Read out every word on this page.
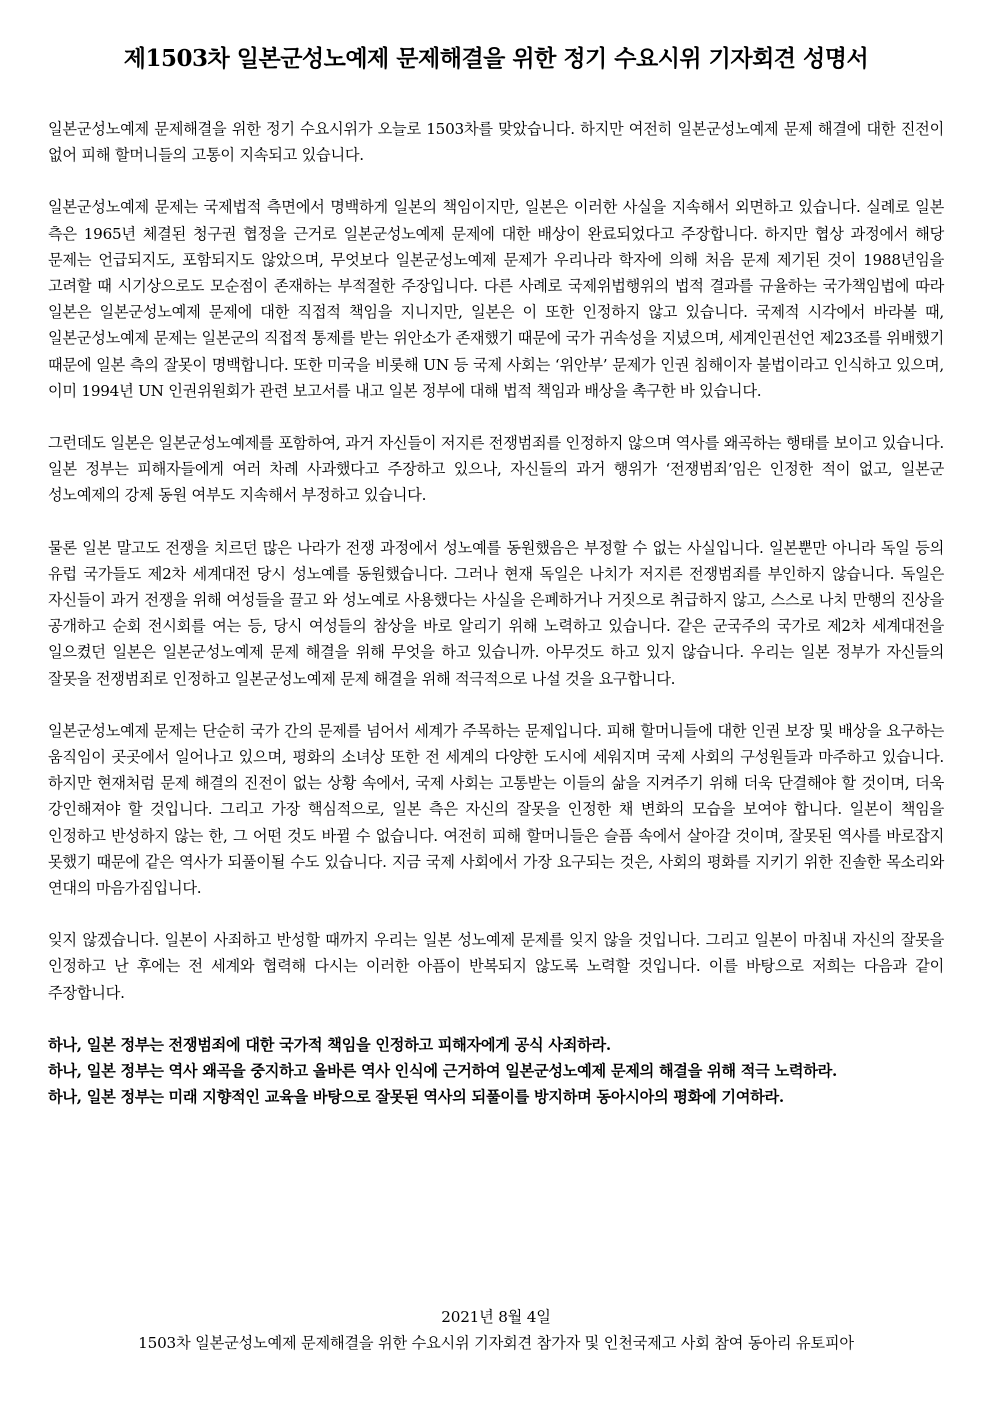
제1503차 일본군성노예제 문제해결을 위한 정기 수요시위 기자회견 성명서

일본군성노예제 문제해결을 위한 정기 수요시위가 오늘로 1503차를 맞았습니다. 하지만 여전히 일본군성노예제 문제 해결에 대한 진전이 없어 피해 할머니들의 고통이 지속되고 있습니다.

일본군성노예제 문제는 국제법적 측면에서 명백하게 일본의 책임이지만, 일본은 이러한 사실을 지속해서 외면하고 있습니다. 실례로 일본 측은 1965년 체결된 청구권 협정을 근거로 일본군성노예제 문제에 대한 배상이 완료되었다고 주장합니다. 하지만 협상 과정에서 해당 문제는 언급되지도, 포함되지도 않았으며, 무엇보다 일본군성노예제 문제가 우리나라 학자에 의해 처음 문제 제기된 것이 1988년임을 고려할 때 시기상으로도 모순점이 존재하는 부적절한 주장입니다. 다른 사례로 국제위법행위의 법적 결과를 규율하는 국가책임법에 따라 일본은 일본군성노예제 문제에 대한 직접적 책임을 지니지만, 일본은 이 또한 인정하지 않고 있습니다. 국제적 시각에서 바라볼 때, 일본군성노예제 문제는 일본군의 직접적 통제를 받는 위안소가 존재했기 때문에 국가 귀속성을 지녔으며, 세계인권선언 제23조를 위배했기 때문에 일본 측의 잘못이 명백합니다. 또한 미국을 비롯해 UN 등 국제 사회는 ‘위안부’ 문제가 인권 침해이자 불법이라고 인식하고 있으며, 이미 1994년 UN 인권위원회가 관련 보고서를 내고 일본 정부에 대해 법적 책임과 배상을 촉구한 바 있습니다.

그런데도 일본은 일본군성노예제를 포함하여, 과거 자신들이 저지른 전쟁범죄를 인정하지 않으며 역사를 왜곡하는 행태를 보이고 있습니다. 일본 정부는 피해자들에게 여러 차례 사과했다고 주장하고 있으나, 자신들의 과거 행위가 ‘전쟁범죄’임은 인정한 적이 없고, 일본군 성노예제의 강제 동원 여부도 지속해서 부정하고 있습니다.

물론 일본 말고도 전쟁을 치르던 많은 나라가 전쟁 과정에서 성노예를 동원했음은 부정할 수 없는 사실입니다. 일본뿐만 아니라 독일 등의 유럽 국가들도 제2차 세계대전 당시 성노예를 동원했습니다. 그러나 현재 독일은 나치가 저지른 전쟁범죄를 부인하지 않습니다. 독일은 자신들이 과거 전쟁을 위해 여성들을 끌고 와 성노예로 사용했다는 사실을 은폐하거나 거짓으로 취급하지 않고, 스스로 나치 만행의 진상을 공개하고 순회 전시회를 여는 등, 당시 여성들의 참상을 바로 알리기 위해 노력하고 있습니다. 같은 군국주의 국가로 제2차 세계대전을 일으켰던 일본은 일본군성노예제 문제 해결을 위해 무엇을 하고 있습니까. 아무것도 하고 있지 않습니다. 우리는 일본 정부가 자신들의 잘못을 전쟁범죄로 인정하고 일본군성노예제 문제 해결을 위해 적극적으로 나설 것을 요구합니다.

일본군성노예제 문제는 단순히 국가 간의 문제를 넘어서 세계가 주목하는 문제입니다. 피해 할머니들에 대한 인권 보장 및 배상을 요구하는 움직임이 곳곳에서 일어나고 있으며, 평화의 소녀상 또한 전 세계의 다양한 도시에 세워지며 국제 사회의 구성원들과 마주하고 있습니다. 하지만 현재처럼 문제 해결의 진전이 없는 상황 속에서, 국제 사회는 고통받는 이들의 삶을 지켜주기 위해 더욱 단결해야 할 것이며, 더욱 강인해져야 할 것입니다. 그리고 가장 핵심적으로, 일본 측은 자신의 잘못을 인정한 채 변화의 모습을 보여야 합니다. 일본이 책임을 인정하고 반성하지 않는 한, 그 어떤 것도 바뀔 수 없습니다. 여전히 피해 할머니들은 슬픔 속에서 살아갈 것이며, 잘못된 역사를 바로잡지 못했기 때문에 같은 역사가 되풀이될 수도 있습니다. 지금 국제 사회에서 가장 요구되는 것은, 사회의 평화를 지키기 위한 진솔한 목소리와 연대의 마음가짐입니다.

잊지 않겠습니다. 일본이 사죄하고 반성할 때까지 우리는 일본 성노예제 문제를 잊지 않을 것입니다. 그리고 일본이 마침내 자신의 잘못을 인정하고 난 후에는 전 세계와 협력해 다시는 이러한 아픔이 반복되지 않도록 노력할 것입니다. 이를 바탕으로 저희는 다음과 같이 주장합니다.

하나, 일본 정부는 전쟁범죄에 대한 국가적 책임을 인정하고 피해자에게 공식 사죄하라.

하나, 일본 정부는 역사 왜곡을 중지하고 올바른 역사 인식에 근거하여 일본군성노예제 문제의 해결을 위해 적극 노력하라.

하나, 일본 정부는 미래 지향적인 교육을 바탕으로 잘못된 역사의 되풀이를 방지하며 동아시아의 평화에 기여하라.

2021년 8월 4일
1503차 일본군성노예제 문제해결을 위한 수요시위 기자회견 참가자 및 인천국제고 사회 참여 동아리 유토피아
